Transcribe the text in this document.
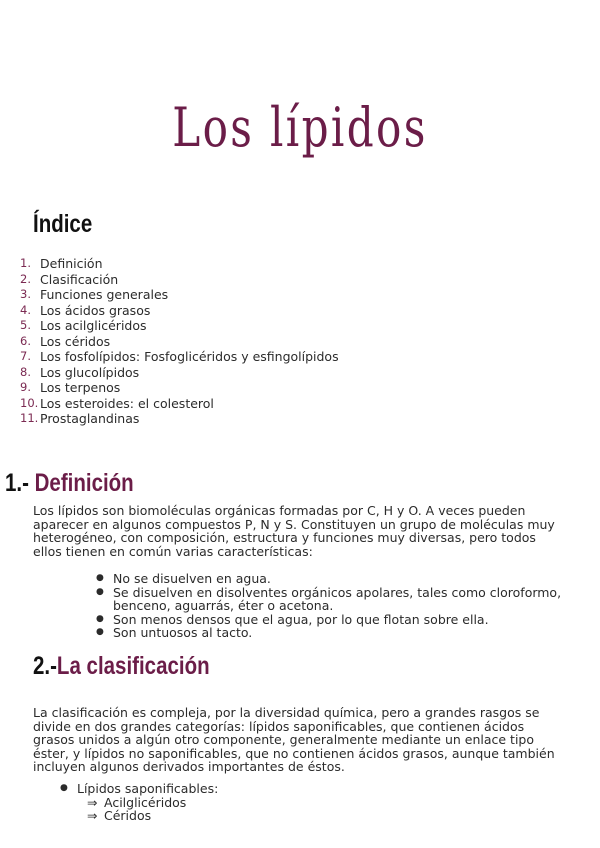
Los lípidos
Índice
1. Definición
2. Clasificación
3. Funciones generales
4. Los ácidos grasos
5. Los acilglicéridos
6. Los céridos
7. Los fosfolípidos: Fosfoglicéridos y esfingolípidos
8. Los glucolípidos
9. Los terpenos
10. Los esteroides: el colesterol
11. Prostaglandinas
1.- Definición

Los lípidos son biomoléculas orgánicas formadas por C, H y O. A veces pueden aparecer en algunos compuestos P, N y S. Constituyen un grupo de moléculas muy heterogéneo, con composición, estructura y funciones muy diversas, pero todos ellos tienen en común varias características:

● No se disuelven en agua.
● Se disuelven en disolventes orgánicos apolares, tales como cloroformo, benceno, aguarrás, éter o acetona.
● Son menos densos que el agua, por lo que flotan sobre ella.
● Son untuosos al tacto.
2.-La clasificación

La clasificación es compleja, por la diversidad química, pero a grandes rasgos se divide en dos grandes categorías: lípidos saponificables, que contienen ácidos grasos unidos a algún otro componente, generalmente mediante un enlace tipo éster, y lípidos no saponificables, que no contienen ácidos grasos, aunque también incluyen algunos derivados importantes de éstos.

● Lípidos saponificables:
⇒ Acilglicéridos
⇒ Céridos
